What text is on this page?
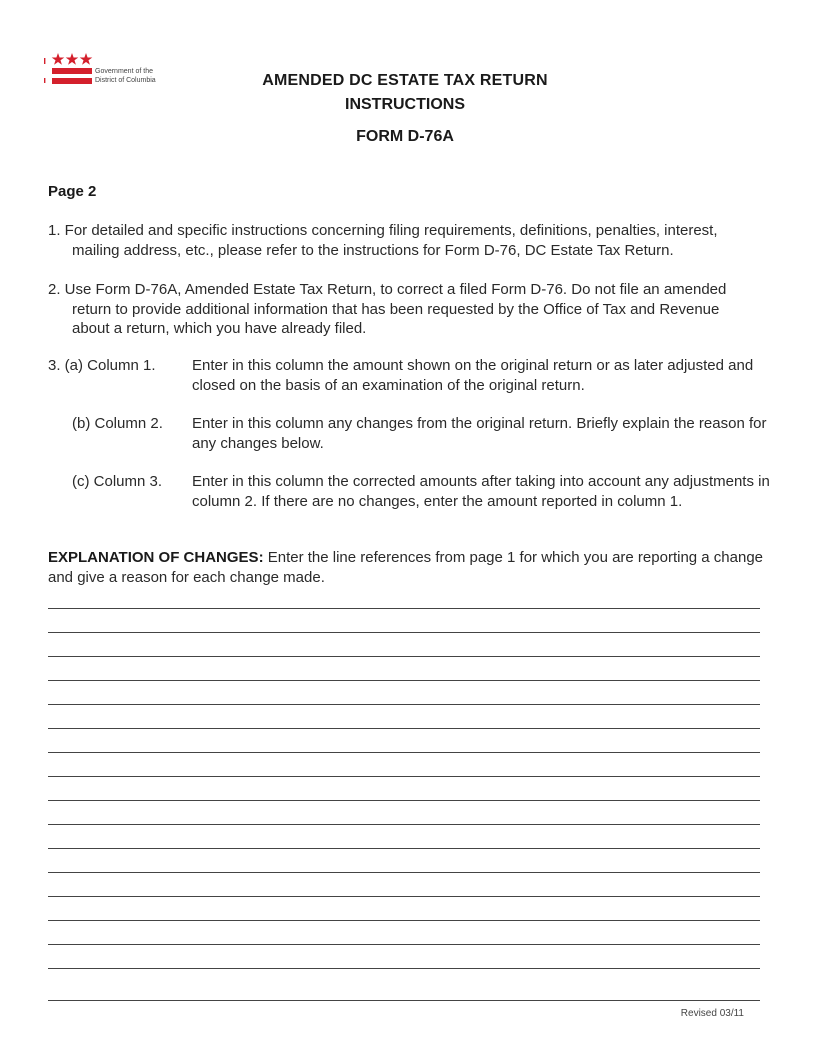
Government of the
District of Columbia	AMENDED DC ESTATE TAX RETURN
INSTRUCTIONS
FORM D-76A
Page 2
1. For detailed and specific instructions concerning filing requirements, definitions, penalties, interest,
mailing address, etc., please refer to the instructions for Form D-76, DC Estate Tax Return.
2. Use Form D-76A, Amended Estate Tax Return, to correct a filed Form D-76. Do not file an amended
return to provide additional information that has been requested by the Office of Tax and Revenue
about a return, which you have already filed.
3. (a) Column 1. Enter in this column the amount shown on the original return or as later adjusted and closed on the basis of an examination of the original return.
(b) Column 2. Enter in this column any changes from the original return. Briefly explain the reason for any changes below.
(c) Column 3. Enter in this column the corrected amounts after taking into account any adjustments in column 2. If there are no changes, enter the amount reported in column 1.
EXPLANATION OF CHANGES: Enter the line references from page 1 for which you are reporting a change and give a reason for each change made.
Revised 03/11
